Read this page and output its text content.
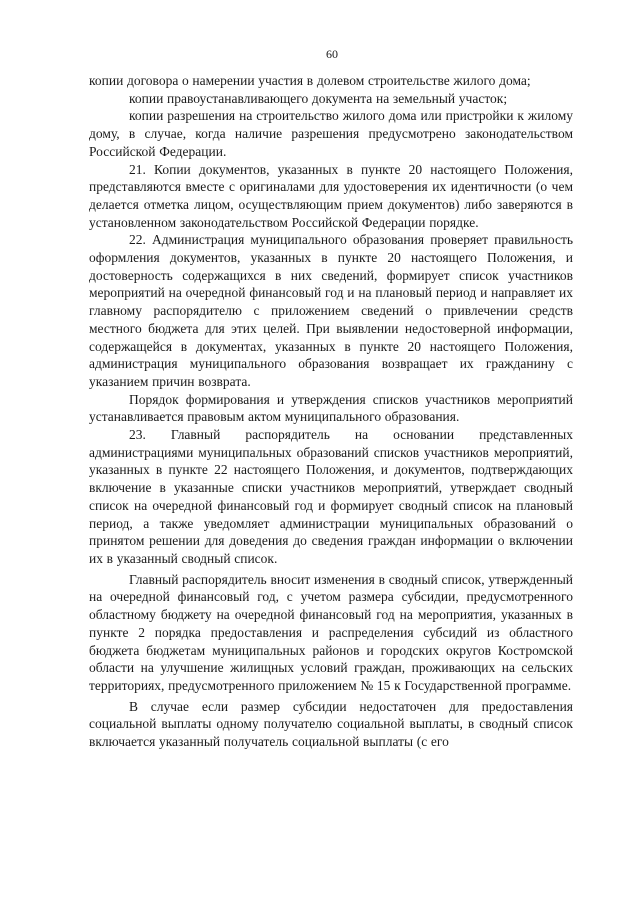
60

копии договора о намерении участия в долевом строительстве жилого дома;

копии правоустанавливающего документа на земельный участок;

копии разрешения на строительство жилого дома или пристройки к жилому дому, в случае, когда наличие разрешения предусмотрено законодательством Российской Федерации.

21. Копии документов, указанных в пункте 20 настоящего Положения, представляются вместе с оригиналами для удостоверения их идентичности (о чем делается отметка лицом, осуществляющим прием документов) либо заверяются в установленном законодательством Российской Федерации порядке.

22. Администрация муниципального образования проверяет правильность оформления документов, указанных в пункте 20 настоящего Положения, и достоверность содержащихся в них сведений, формирует список участников мероприятий на очередной финансовый год и на плановый период и направляет их главному распорядителю с приложением сведений о привлечении средств местного бюджета для этих целей. При выявлении недостоверной информации, содержащейся в документах, указанных в пункте 20 настоящего Положения, администрация муниципального образования возвращает их гражданину с указанием причин возврата.

Порядок формирования и утверждения списков участников мероприятий устанавливается правовым актом муниципального образования.

23. Главный распорядитель на основании представленных администрациями муниципальных образований списков участников мероприятий, указанных в пункте 22 настоящего Положения, и документов, подтверждающих включение в указанные списки участников мероприятий, утверждает сводный список на очередной финансовый год и формирует сводный список на плановый период, а также уведомляет администрации муниципальных образований о принятом решении для доведения до сведения граждан информации о включении их в указанный сводный список.

Главный распорядитель вносит изменения в сводный список, утвержденный на очередной финансовый год, с учетом размера субсидии, предусмотренного областному бюджету на очередной финансовый год на мероприятия, указанных в пункте 2 порядка предоставления и распределения субсидий из областного бюджета бюджетам муниципальных районов и городских округов Костромской области на улучшение жилищных условий граждан, проживающих на сельских территориях, предусмотренного приложением № 15 к Государственной программе.

В случае если размер субсидии недостаточен для предоставления социальной выплаты одному получателю социальной выплаты, в сводный список включается указанный получатель социальной выплаты (с его
